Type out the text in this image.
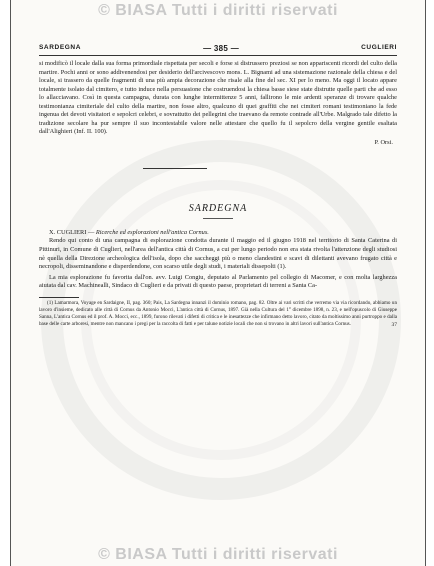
© BIASA Tutti i diritti riservati
SARDEGNA	— 385 —	CUGLIERI

si modificò il locale dalla sua forma primordiale rispettata per secoli e forse si distrussero preziosi se non appariscenti ricordi del culto della martire. Pochi anni or sono addivenendosi per desiderio dell'arcivescovo mons. L. Bignami ad una sistemazione razionale della chiesa e del locale, si trassero da quelle fragmenti di una più ampia decorazione che risale alla fine del sec. XI per lo meno. Ma oggi il locato appare totalmente isolato dal cimitero, e tutto induce nella persuasione che costruendosi la chiesa basse siese state distrutte quelle parti che ad esso lo allacciavano. Così in questa campagna, durata con lunghe intermittenze 5 anni, fallirono le mie ardenti speranze di trovare qualche testimonianza cimiteriale del culto della martire, non fosse altro, qualcuno di quei graffiti che nei cimiteri romani testimoniano la fede ingenua dei devoti visitatori e sepolcri celebri, e sovrattutto dei pellegrini che traevano da remote contrade all'Urbe. Malgrado tale difetto la tradizione secolare ha pur sempre il suo incontestabile valore nelle attestare che quello fu il sepolcro della vergine gentile esaltata dall'Alighieri (Inf. II. 100).

P. Orsi.

SARDEGNA

X. CUGLIERI — Ricerche ed esplorazioni nell'antica Cornus.

Rendo qui conto di una campagna di esplorazione condotta durante il maggio ed il giugno 1918 nel territorio di Santa Caterina di Pittinuri, in Comune di Cuglieri, nell'area dell'antica città di Cornus, a cui per lungo periodo non era stata rivolta l'attenzione degli studiosi nè quella della Direzione archeologica dell'isola, dopo che saccheggi più o meno clandestini e scavi di dilettanti avevano frugato città e necropoli, disseminandone e disperdendone, con scarso utile degli studi, i materiali dissepolti (1).

La mia esplorazione fu favorita dall'on. avv. Luigi Congiu, deputato al Parlamento pel collegio di Macomer, e con molta larghezza aiutata dal cav. Machinealli, Sindaco di Cuglieri e da privati di questo paese, proprietari di terreni a Santa Ca-

(1) Lamarmora, Voyage en Sardaigne, II, pag. 360; Pais, La Sardegna innanzi il dominio romano, pag. 82. Oltre ai vari scritti che verremo via via ricordando, abbiamo un lavoro d'insieme, dedicato alle città di Cornus da Antonio Mocci, L'antica città di Cornus, 1897. Già nella Cultura del 1° dicembre 1898, n. 23, e nell'opuscolo di Giuseppe Sanna, L'antica Cornus ed il prof. A. Mocci, ecc., 1899, furono rilevati i difetti di critica e le inesattezze che infirmano detto lavoro, citato da moltissimo anni purtroppo e dalla base delle carte arboresi, mentre non mancano i pregi per la raccolta di fatti e per talune notizie locali che non si trovano in altri lavori sull'antica Cornus.	37

© BIASA Tutti i diritti riservati
